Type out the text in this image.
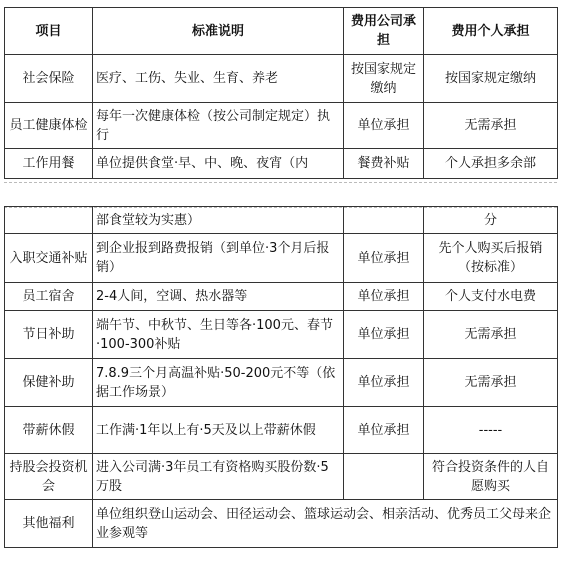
项目	标准说明	费用公司承担	费用个人承担
社会保险	医疗、工伤、失业、生育、养老	按国家规定缴纳	按国家规定缴纳
员工健康体检	每年一次健康体检（按公司制定规定）执行	单位承担	无需承担
工作用餐	单位提供食堂·早、中、晚、夜宵（内	餐费补贴	个人承担多余部
	部食堂较为实惠）		分
入职交通补贴	到企业报到路费报销（到单位·3个月后报销）	单位承担	先个人购买后报销（按标准）
员工宿舍	2-4人间，空调、热水器等	单位承担	个人支付水电费
节日补助	端午节、中秋节、生日等各·100元、春节·100-300补贴	单位承担	无需承担
保健补助	7.8.9三个月高温补贴·50-200元不等（依据工作场景）	单位承担	无需承担
带薪休假	工作满·1年以上有·5天及以上带薪休假	单位承担	-----
持股会投资机会	进入公司满·3年员工有资格购买股份数·5万股		符合投资条件的人自愿购买
其他福利	单位组织登山运动会、田径运动会、篮球运动会、相亲活动、优秀员工父母来企业参观等		
